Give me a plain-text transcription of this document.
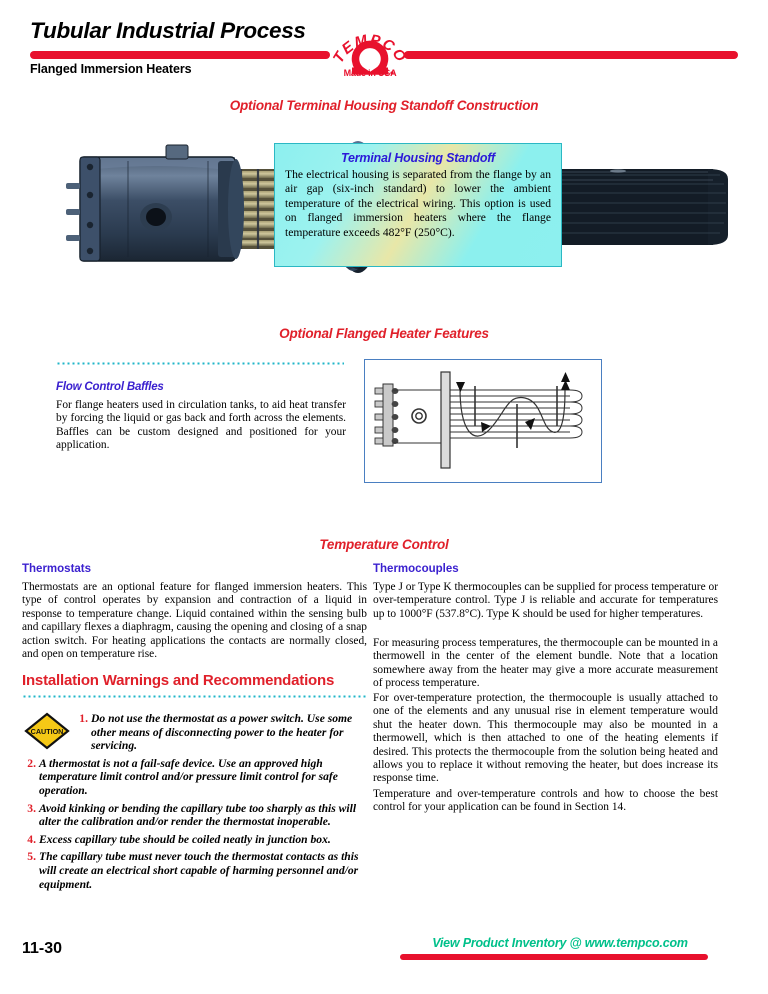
Tubular Industrial Process
Flanged Immersion Heaters
TEMPCO
Made in USA
Optional Terminal Housing Standoff Construction
Terminal Housing Standoff
The electrical housing is separated from the flange by an air gap (six-inch standard) to lower the ambient temperature of the electrical wiring. This option is used on flanged immersion heaters where the flange temperature exceeds 482°F (250°C).
Optional Flanged Heater Features
Flow Control Baffles
For flange heaters used in circulation tanks, to aid heat transfer by forcing the liquid or gas back and forth across the elements. Baffles can be custom designed and positioned for your application.
Temperature Control
Thermostats
Thermostats are an optional feature for flanged immersion heaters. This type of control operates by expansion and contraction of a liquid in response to temperature change. Liquid contained within the sensing bulb and capillary flexes a diaphragm, causing the opening and closing of a snap action switch. For heating applications the contacts are normally closed, and open on temperature rise.
Installation Warnings and Recommendations
CAUTION
1. Do not use the thermostat as a power switch. Use some other means of disconnecting power to the heater for servicing.
2. A thermostat is not a fail-safe device. Use an approved high temperature limit control and/or pressure limit control for safe operation.
3. Avoid kinking or bending the capillary tube too sharply as this will alter the calibration and/or render the thermostat inoperable.
4. Excess capillary tube should be coiled neatly in junction box.
5. The capillary tube must never touch the thermostat contacts as this will create an electrical short capable of harming personnel and/or equipment.
Thermocouples
Type J or Type K thermocouples can be supplied for process temperature or over-temperature control. Type J is reliable and accurate for temperatures up to 1000°F (537.8°C). Type K should be used for higher temperatures.
For measuring process temperatures, the thermocouple can be mounted in a thermowell in the center of the element bundle. Note that a location somewhere away from the heater may give a more accurate measurement of process temperature.
For over-temperature protection, the thermocouple is usually attached to one of the elements and any unusual rise in element temperature would shut the heater down. This thermocouple may also be mounted in a thermowell, which is then attached to one of the heating elements if desired. This protects the thermocouple from the solution being heated and allows you to replace it without removing the heater, but does increase its response time.
Temperature and over-temperature controls and how to choose the best control for your application can be found in Section 14.
11-30	View Product Inventory @ www.tempco.com
